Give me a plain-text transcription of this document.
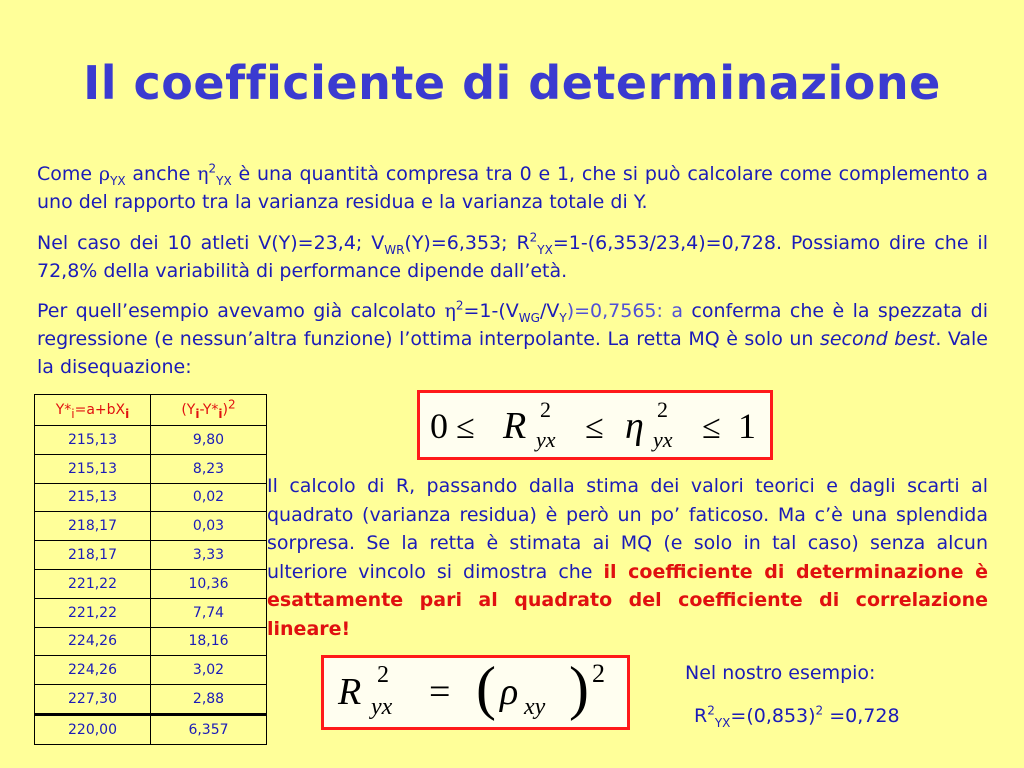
Il coefficiente di determinazione
Come $\rho_{YX}$ anche $\eta^2_{YX}$ è una quantità compresa tra 0 e 1, che si può calcolare come complemento a uno del rapporto tra la varianza residua e la varianza totale di Y.
Nel caso dei 10 atleti V(Y)=23,4; $V_{WR}(Y)=6,353$; $R^2_{YX}=1-(6,353/23,4)=0,728$. Possiamo dire che il 72,8% della variabilità di performance dipende dall’età.
Per quell’esempio avevamo già calcolato $\eta^2=1-(V_{WG}/V_Y)=0,7565$: a conferma che è la spezzata di regressione (e nessun’altra funzione) l’ottima interpolante. La retta MQ è solo un second best. Vale la disequazione:
$Y*_i=a+bX_i$	$(Y_i-Y*_i)^2$
215,13	9,80
215,13	8,23
215,13	0,02
218,17	0,03
218,17	3,33
221,22	10,36
221,22	7,74
224,26	18,16
224,26	3,02
227,30	2,88
220,00	6,357
0 ≤ R 2
yx ≤ η 2
yx ≤ 1
Il calcolo di R, passando dalla stima dei valori teorici e dagli scarti al quadrato (varianza residua) è però un po’ faticoso. Ma c’è una splendida sorpresa. Se la retta è stimata ai MQ (e solo in tal caso) senza alcun ulteriore vincolo si dimostra che il coefficiente di determinazione è esattamente pari al quadrato del coefficiente di correlazione lineare!
R 2
yx = ( ρ xy ) 2	Nel nostro esempio:
$R^2_{YX}=(0,853)^2 =0,728$
